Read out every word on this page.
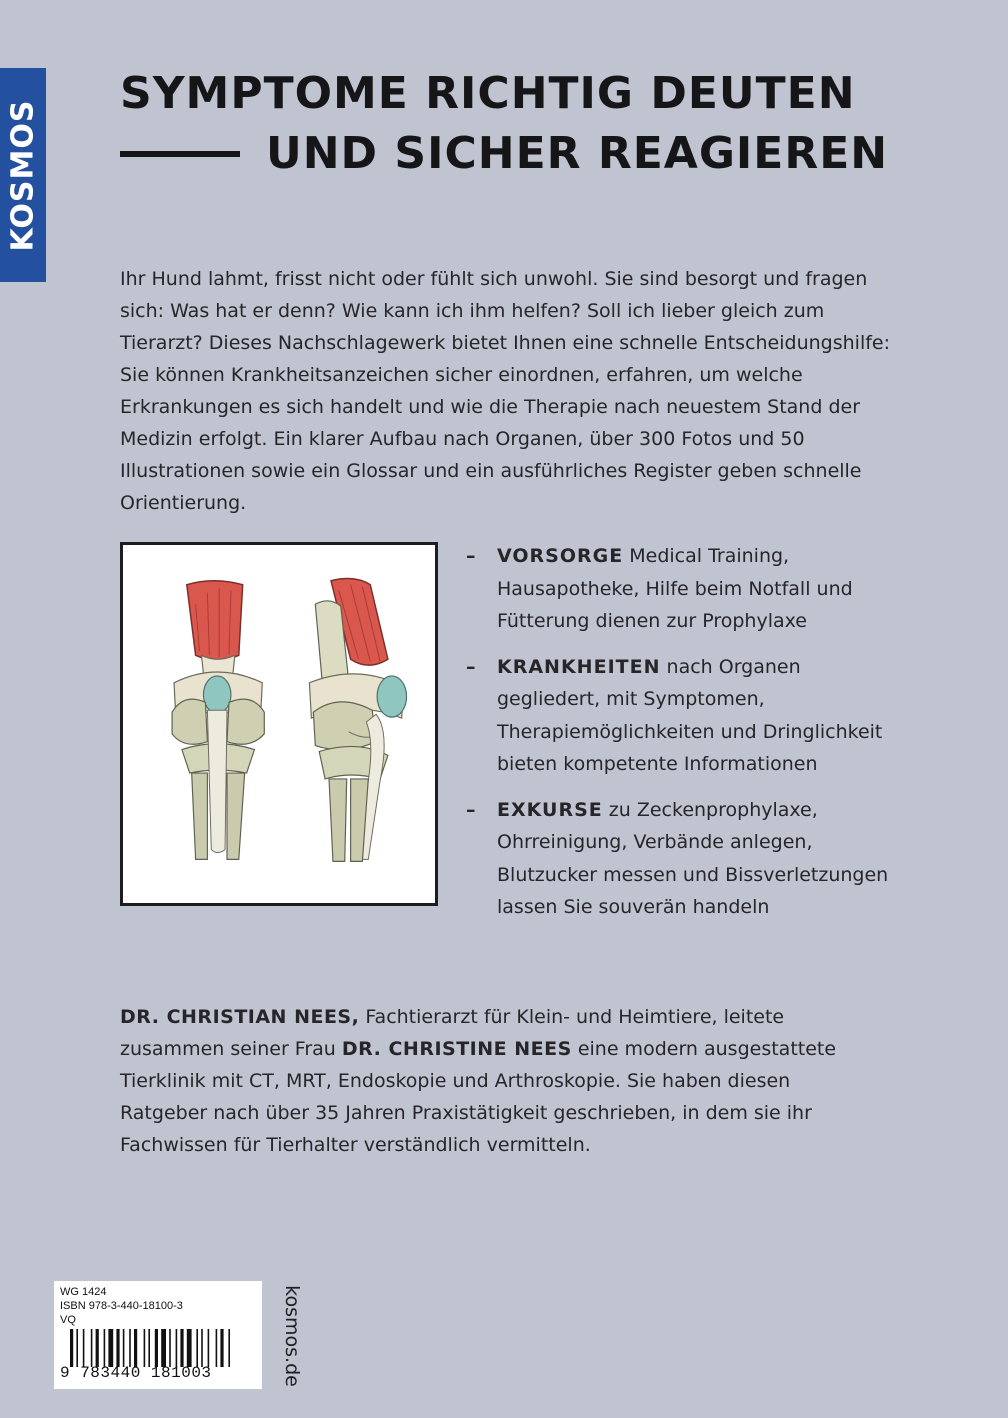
KOSMOS
SYMPTOME RICHTIG DEUTEN
UND SICHER REAGIEREN

Ihr Hund lahmt, frisst nicht oder fühlt sich unwohl. Sie sind besorgt und fragen sich: Was hat er denn? Wie kann ich ihm helfen? Soll ich lieber gleich zum Tierarzt? Dieses Nachschlagewerk bietet Ihnen eine schnelle Entscheidungshilfe: Sie können Krankheitsanzeichen sicher einordnen, erfahren, um welche Erkrankungen es sich handelt und wie die Therapie nach neuestem Stand der Medizin erfolgt. Ein klarer Aufbau nach Organen, über 300 Fotos und 50 Illustrationen sowie ein Glossar und ein ausführliches Register geben schnelle Orientierung.

– VORSORGE Medical Training, Hausapotheke, Hilfe beim Notfall und Fütterung dienen zur Prophylaxe
– KRANKHEITEN nach Organen gegliedert, mit Symptomen, Therapiemöglichkeiten und Dringlichkeit bieten kompetente Informationen
– EXKURSE zu Zeckenprophylaxe, Ohrreinigung, Verbände anlegen, Blutzucker messen und Bissverletzungen lassen Sie souverän handeln

DR. CHRISTIAN NEES, Fachtierarzt für Klein- und Heimtiere, leitete zusammen seiner Frau DR. CHRISTINE NEES eine modern ausgestattete Tierklinik mit CT, MRT, Endoskopie und Arthroskopie. Sie haben diesen Ratgeber nach über 35 Jahren Praxistätigkeit geschrieben, in dem sie ihr Fachwissen für Tierhalter verständlich vermitteln.

WG 1424
ISBN 978-3-440-18100-3
VQ
9 783440 181003	kosmos.de
